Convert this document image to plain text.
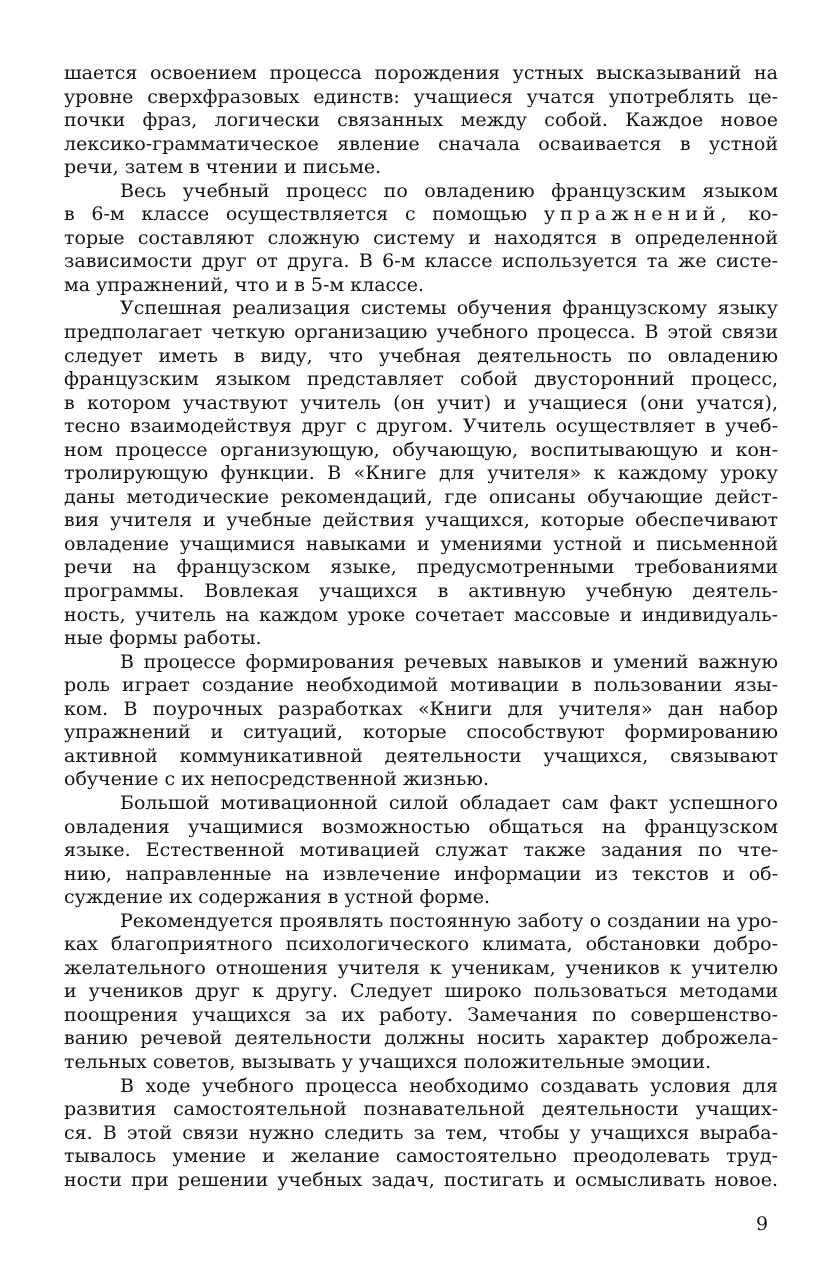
шается освоением процесса порождения устных высказываний на
уровне сверхфразовых единств: учащиеся учатся употреблять це-
почки фраз, логически связанных между собой. Каждое новое
лексико-грамматическое явление сначала осваивается в устной
речи, затем в чтении и письме.
Весь учебный процесс по овладению французским языком
в 6-м классе осуществляется с помощью упражнений, ко-
торые составляют сложную систему и находятся в определенной
зависимости друг от друга. В 6-м классе используется та же систе-
ма упражнений, что и в 5-м классе.
Успешная реализация системы обучения французскому языку
предполагает четкую организацию учебного процесса. В этой связи
следует иметь в виду, что учебная деятельность по овладению
французским языком представляет собой двусторонний процесс,
в котором участвуют учитель (он учит) и учащиеся (они учатся),
тесно взаимодействуя друг с другом. Учитель осуществляет в учеб-
ном процессе организующую, обучающую, воспитывающую и кон-
тролирующую функции. В «Книге для учителя» к каждому уроку
даны методические рекомендаций, где описаны обучающие дейст-
вия учителя и учебные действия учащихся, которые обеспечивают
овладение учащимися навыками и умениями устной и письменной
речи на французском языке, предусмотренными требованиями
программы. Вовлекая учащихся в активную учебную деятель-
ность, учитель на каждом уроке сочетает массовые и индивидуаль-
ные формы работы.
В процессе формирования речевых навыков и умений важную
роль играет создание необходимой мотивации в пользовании язы-
ком. В поурочных разработках «Книги для учителя» дан набор
упражнений и ситуаций, которые способствуют формированию
активной коммуникативной деятельности учащихся, связывают
обучение с их непосредственной жизнью.
Большой мотивационной силой обладает сам факт успешного
овладения учащимися возможностью общаться на французском
языке. Естественной мотивацией служат также задания по чте-
нию, направленные на извлечение информации из текстов и об-
суждение их содержания в устной форме.
Рекомендуется проявлять постоянную заботу о создании на уро-
ках благоприятного психологического климата, обстановки добро-
желательного отношения учителя к ученикам, учеников к учителю
и учеников друг к другу. Следует широко пользоваться методами
поощрения учащихся за их работу. Замечания по совершенство-
ванию речевой деятельности должны носить характер доброжела-
тельных советов, вызывать у учащихся положительные эмоции.
В ходе учебного процесса необходимо создавать условия для
развития самостоятельной познавательной деятельности учащих-
ся. В этой связи нужно следить за тем, чтобы у учащихся выраба-
тывалось умение и желание самостоятельно преодолевать труд-
ности при решении учебных задач, постигать и осмысливать новое.
9
